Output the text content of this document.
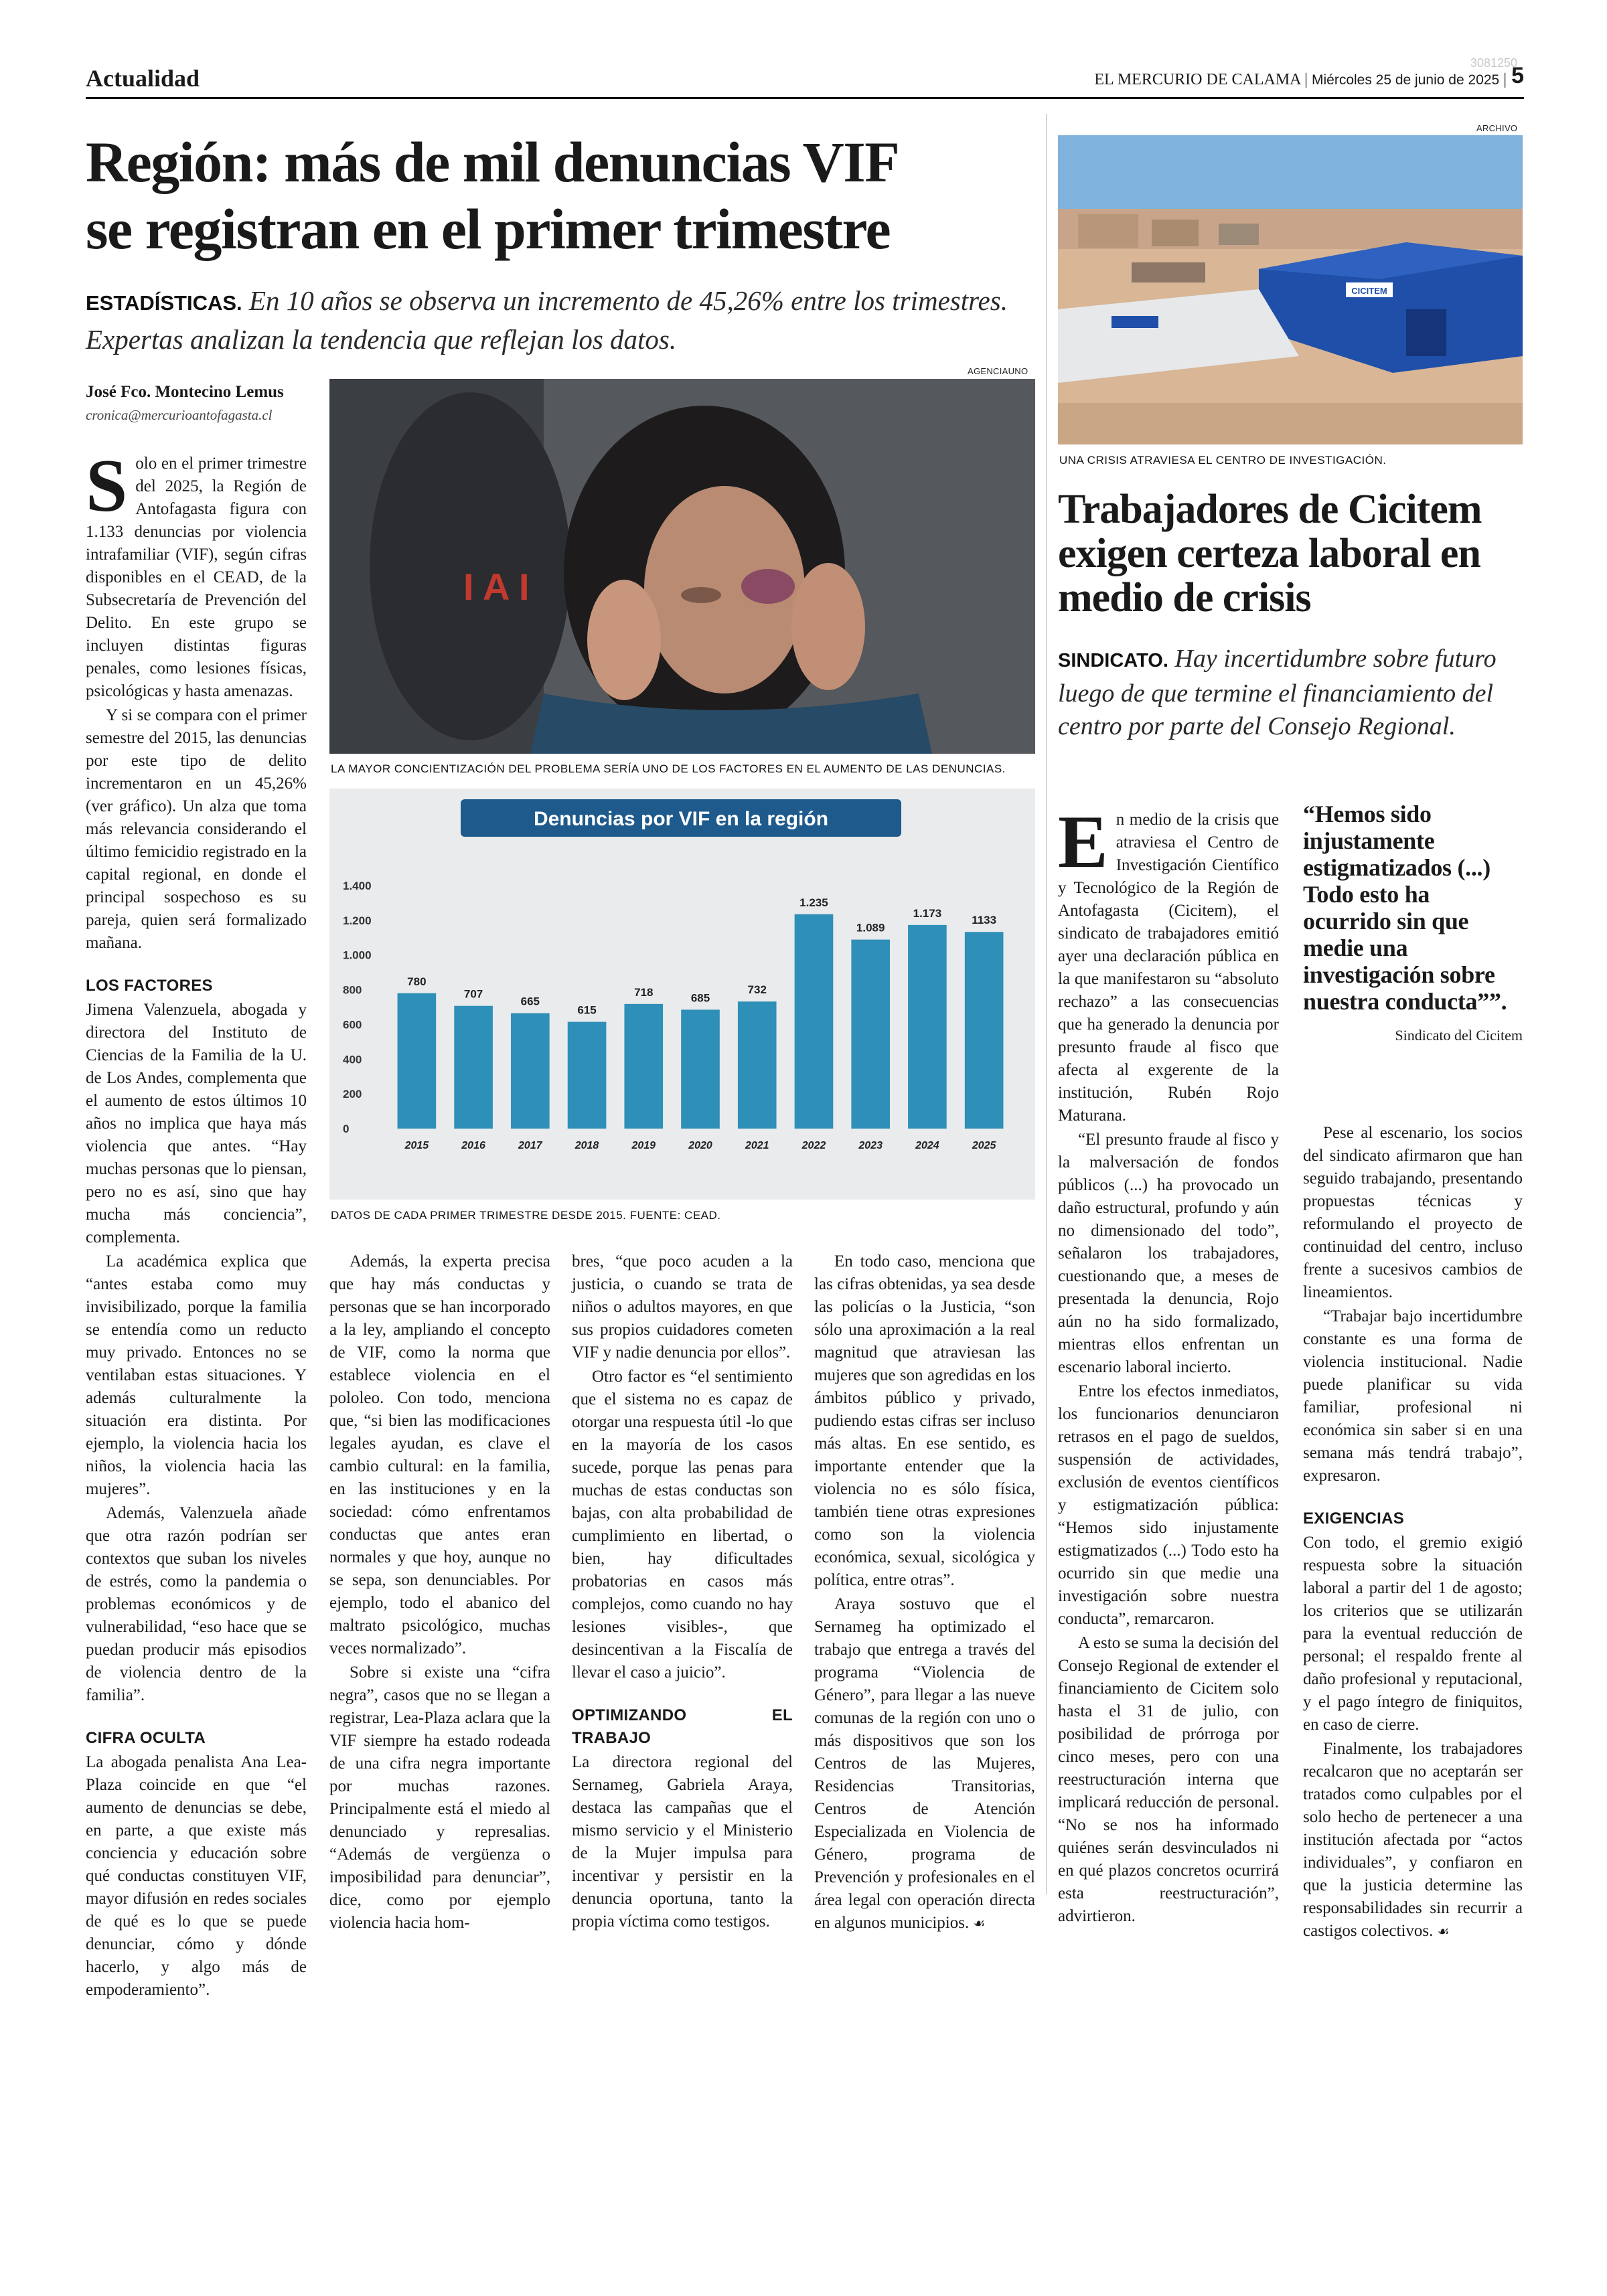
Actualidad	EL MERCURIO DE CALAMA | Miércoles 25 de junio de 2025 | 5
3081250
Región: más de mil denuncias VIF
se registran en el primer trimestre
ESTADÍSTICAS. En 10 años se observa un incremento de 45,26% entre los trimestres.
Expertas analizan la tendencia que reflejan los datos.
José Fco. Montecino Lemus
cronica@mercurioantofagasta.cl
AGENCIAUNO
I A I
LA MAYOR CONCIENTIZACIÓN DEL PROBLEMA SERÍA UNO DE LOS FACTORES EN EL AUMENTO DE LAS DENUNCIAS.
Denuncias por VIF en la región
1.400
1.200
1.000
800
600
400
200
0
780
2015
707
2016
665
2017
615
2018
718
2019
685
2020
732
2021
1.235
2022
1.089
2023
1.173
2024
1133
2025
DATOS DE CADA PRIMER TRIMESTRE DESDE 2015. FUENTE: CEAD.

Solo en el primer trimestre del 2025, la Región de Antofagasta figura con 1.133 denuncias por violencia intrafamiliar (VIF), según cifras disponibles en el CEAD, de la Subsecretaría de Prevención del Delito. En este grupo se incluyen distintas figuras penales, como lesiones físicas, psicológicas y hasta amenazas.

Y si se compara con el primer semestre del 2015, las denuncias por este tipo de delito incrementaron en un 45,26% (ver gráfico). Un alza que toma más relevancia considerando el último femicidio registrado en la capital regional, en donde el principal sospechoso es su pareja, quien será formalizado mañana.

LOS FACTORES

Jimena Valenzuela, abogada y directora del Instituto de Ciencias de la Familia de la U. de Los Andes, complementa que el aumento de estos últimos 10 años no implica que haya más violencia que antes. “Hay muchas personas que lo piensan, pero no es así, sino que hay mucha más conciencia”, complementa.

La académica explica que “antes estaba como muy invisibilizado, porque la familia se entendía como un reducto muy privado. Entonces no se ventilaban estas situaciones. Y además culturalmente la situación era distinta. Por ejemplo, la violencia hacia los niños, la violencia hacia las mujeres”.

Además, Valenzuela añade que otra razón podrían ser contextos que suban los niveles de estrés, como la pandemia o problemas económicos y de vulnerabilidad, “eso hace que se puedan producir más episodios de violencia dentro de la familia”.

CIFRA OCULTA

La abogada penalista Ana Lea-Plaza coincide en que “el aumento de denuncias se debe, en parte, a que existe más conciencia y educación sobre qué conductas constituyen VIF, mayor difusión en redes sociales de qué es lo que se puede denunciar, cómo y dónde hacerlo, y algo más de empoderamiento”.

Además, la experta precisa que hay más conductas y personas que se han incorporado a la ley, ampliando el concepto de VIF, como la norma que establece violencia en el pololeo. Con todo, menciona que, “si bien las modificaciones legales ayudan, es clave el cambio cultural: en la familia, en las instituciones y en la sociedad: cómo enfrentamos conductas que antes eran normales y que hoy, aunque no se sepa, son denunciables. Por ejemplo, todo el abanico del maltrato psicológico, muchas veces normalizado”.

Sobre si existe una “cifra negra”, casos que no se llegan a registrar, Lea-Plaza aclara que la VIF siempre ha estado rodeada de una cifra negra importante por muchas razones. Principalmente está el miedo al denunciado y represalias. “Además de vergüenza o imposibilidad para denunciar”, dice, como por ejemplo violencia hacia hom-

bres, “que poco acuden a la justicia, o cuando se trata de niños o adultos mayores, en que sus propios cuidadores cometen VIF y nadie denuncia por ellos”.

Otro factor es “el sentimiento que el sistema no es capaz de otorgar una respuesta útil -lo que en la mayoría de los casos sucede, porque las penas para muchas de estas conductas son bajas, con alta probabilidad de cumplimiento en libertad, o bien, hay dificultades probatorias en casos más complejos, como cuando no hay lesiones visibles-, que desincentivan a la Fiscalía de llevar el caso a juicio”.

OPTIMIZANDO EL TRABAJO

La directora regional del Sernameg, Gabriela Araya, destaca las campañas que el mismo servicio y el Ministerio de la Mujer impulsa para incentivar y persistir en la denuncia oportuna, tanto la propia víctima como testigos.

En todo caso, menciona que las cifras obtenidas, ya sea desde las policías o la Justicia, “son sólo una aproximación a la real magnitud que atraviesan las mujeres que son agredidas en los ámbitos público y privado, pudiendo estas cifras ser incluso más altas. En ese sentido, es importante entender que la violencia no es sólo física, también tiene otras expresiones como son la violencia económica, sexual, sicológica y política, entre otras”.

Araya sostuvo que el Sernameg ha optimizado el trabajo que entrega a través del programa “Violencia de Género”, para llegar a las nueve comunas de la región con uno o más dispositivos que son los Centros de las Mujeres, Residencias Transitorias, Centros de Atención Especializada en Violencia de Género, programa de Prevención y profesionales en el área legal con operación directa en algunos municipios. ☙

ARCHIVO
CICITEM
UNA CRISIS ATRAVIESA EL CENTRO DE INVESTIGACIÓN.
Trabajadores de Cicitem
exigen certeza laboral en
medio de crisis
SINDICATO. Hay incertidumbre sobre futuro luego de que termine el financiamiento del centro por parte del Consejo Regional.

En medio de la crisis que atraviesa el Centro de Investigación Científico y Tecnológico de la Región de Antofagasta (Cicitem), el sindicato de trabajadores emitió ayer una declaración pública en la que manifestaron su “absoluto rechazo” a las consecuencias que ha generado la denuncia por presunto fraude al fisco que afecta al exgerente de la institución, Rubén Rojo Maturana.

“El presunto fraude al fisco y la malversación de fondos públicos (...) ha provocado un daño estructural, profundo y aún no dimensionado del todo”, señalaron los trabajadores, cuestionando que, a meses de presentada la denuncia, Rojo aún no ha sido formalizado, mientras ellos enfrentan un escenario laboral incierto.

Entre los efectos inmediatos, los funcionarios denunciaron retrasos en el pago de sueldos, suspensión de actividades, exclusión de eventos científicos y estigmatización pública: “Hemos sido injustamente estigmatizados (...) Todo esto ha ocurrido sin que medie una investigación sobre nuestra conducta”, remarcaron.

A esto se suma la decisión del Consejo Regional de extender el financiamiento de Cicitem solo hasta el 31 de julio, con posibilidad de prórroga por cinco meses, pero con una reestructuración interna que implicará reducción de personal. “No se nos ha informado quiénes serán desvinculados ni en qué plazos concretos ocurrirá esta reestructuración”, advirtieron.

“Hemos sido injustamente estigmatizados (...) Todo esto ha ocurrido sin que medie una investigación sobre nuestra conducta””.
Sindicato del Cicitem

Pese al escenario, los socios del sindicato afirmaron que han seguido trabajando, presentando propuestas técnicas y reformulando el proyecto de continuidad del centro, incluso frente a sucesivos cambios de lineamientos.

“Trabajar bajo incertidumbre constante es una forma de violencia institucional. Nadie puede planificar su vida familiar, profesional ni económica sin saber si en una semana más tendrá trabajo”, expresaron.

EXIGENCIAS

Con todo, el gremio exigió respuesta sobre la situación laboral a partir del 1 de agosto; los criterios que se utilizarán para la eventual reducción de personal; el respaldo frente al daño profesional y reputacional, y el pago íntegro de finiquitos, en caso de cierre.

Finalmente, los trabajadores recalcaron que no aceptarán ser tratados como culpables por el solo hecho de pertenecer a una institución afectada por “actos individuales”, y confiaron en que la justicia determine las responsabilidades sin recurrir a castigos colectivos. ☙
